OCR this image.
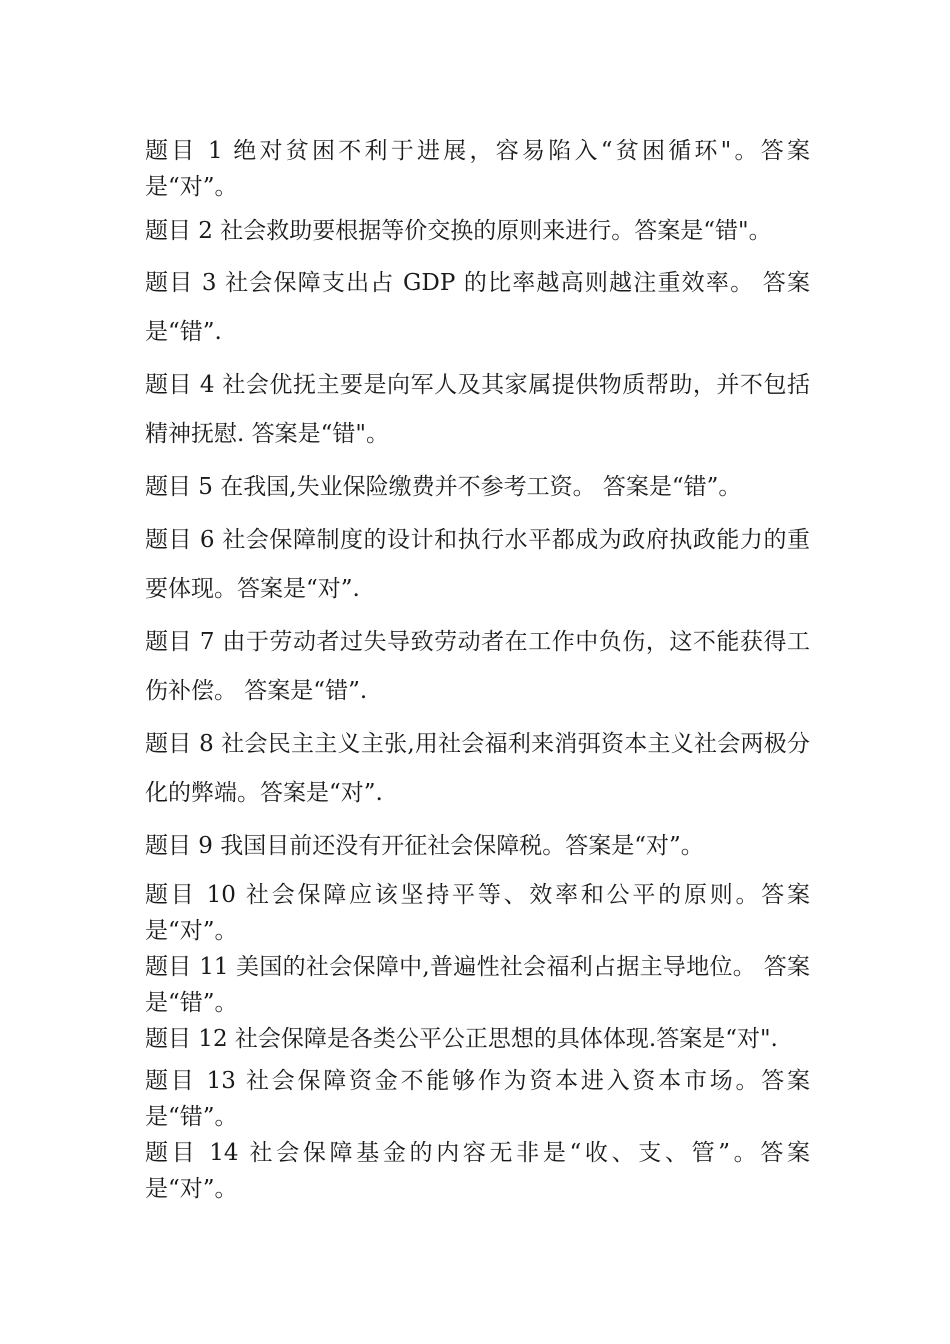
题目 1 绝对贫困不利于进展，容易陷入“贫困循环"。答案是“对”。

题目 2 社会救助要根据等价交换的原则来进行。答案是“错"。

题目 3 社会保障支出占 GDP 的比率越高则越注重效率。 答案是“错”.

题目 4 社会优抚主要是向军人及其家属提供物质帮助，并不包括精神抚慰. 答案是“错"。

题目 5 在我国,失业保险缴费并不参考工资。 答案是“错”。

题目 6 社会保障制度的设计和执行水平都成为政府执政能力的重要体现。答案是“对”.

题目 7 由于劳动者过失导致劳动者在工作中负伤，这不能获得工伤补偿。 答案是“错”.

题目 8 社会民主主义主张,用社会福利来消弭资本主义社会两极分化的弊端。答案是“对”.

题目 9 我国目前还没有开征社会保障税。答案是“对”。

题目 10 社会保障应该坚持平等、效率和公平的原则。答案是“对”。

题目 11 美国的社会保障中,普遍性社会福利占据主导地位。 答案是“错”。

题目 12 社会保障是各类公平公正思想的具体体现.答案是“对".

题目 13 社会保障资金不能够作为资本进入资本市场。答案是“错”。

题目 14 社会保障基金的内容无非是“收、支、管”。答案是“对”。
